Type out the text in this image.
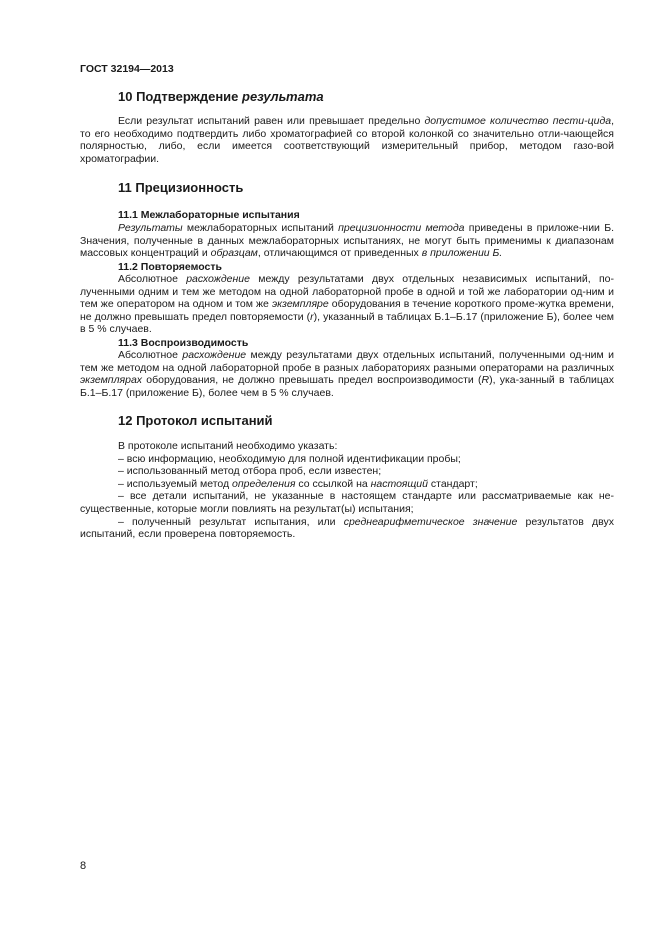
ГОСТ 32194—2013
10 Подтверждение результата
Если результат испытаний равен или превышает предельно допустимое количество пести-цида, то его необходимо подтвердить либо хроматографией со второй колонкой со значительно отли-чающейся полярностью, либо, если имеется соответствующий измерительный прибор, методом газо-вой хроматографии.
11 Прецизионность
11.1 Межлабораторные испытания
Результаты межлабораторных испытаний прецизионности метода приведены в приложе-нии Б. Значения, полученные в данных межлабораторных испытаниях, не могут быть применимы к диапазонам массовых концентраций и образцам, отличающимся от приведенных в приложении Б.
11.2 Повторяемость
Абсолютное расхождение между результатами двух отдельных независимых испытаний, по-лученными одним и тем же методом на одной лабораторной пробе в одной и той же лаборатории од-ним и тем же оператором на одном и том же экземпляре оборудования в течение короткого проме-жутка времени, не должно превышать предел повторяемости (r), указанный в таблицах Б.1–Б.17 (приложение Б), более чем в 5 % случаев.
11.3 Воспроизводимость
Абсолютное расхождение между результатами двух отдельных испытаний, полученными од-ним и тем же методом на одной лабораторной пробе в разных лабораториях разными операторами на различных экземплярах оборудования, не должно превышать предел воспроизводимости (R), ука-занный в таблицах Б.1–Б.17 (приложение Б), более чем в 5 % случаев.
12 Протокол испытаний
В протоколе испытаний необходимо указать:
– всю информацию, необходимую для полной идентификации пробы;
– использованный метод отбора проб, если известен;
– используемый метод определения со ссылкой на настоящий стандарт;
– все детали испытаний, не указанные в настоящем стандарте или рассматриваемые как не-существенные, которые могли повлиять на результат(ы) испытания;
– полученный результат испытания, или среднеарифметическое значение результатов двух испытаний, если проверена повторяемость.
8
